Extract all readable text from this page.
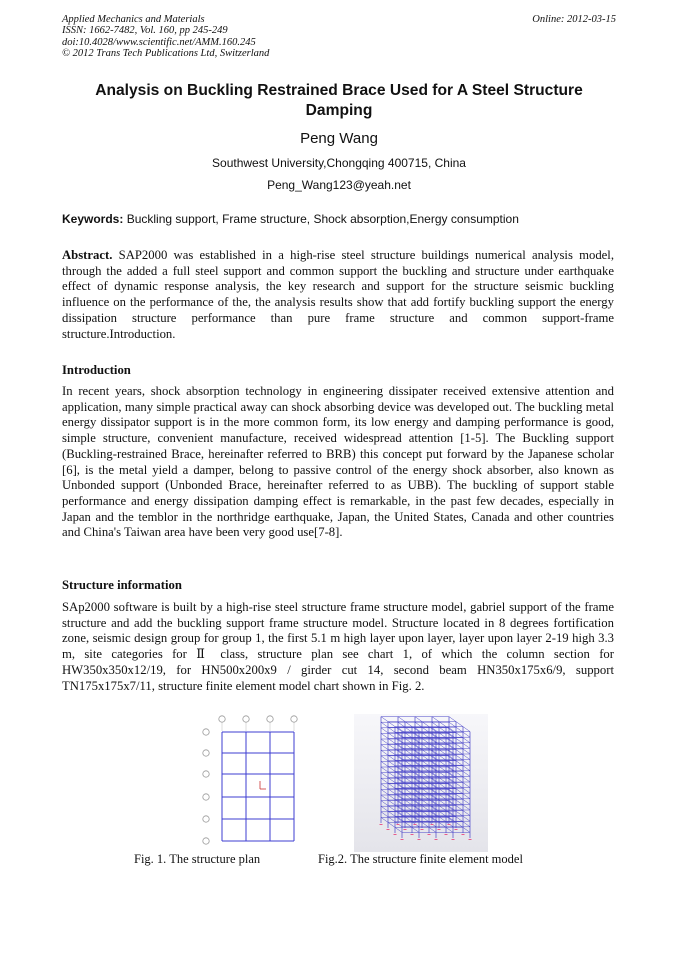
Applied Mechanics and Materials
ISSN: 1662-7482, Vol. 160, pp 245-249
doi:10.4028/www.scientific.net/AMM.160.245
© 2012 Trans Tech Publications Ltd, Switzerland
Online: 2012-03-15
Analysis on Buckling Restrained Brace Used for A Steel Structure
Damping
Peng Wang
Southwest University,Chongqing 400715, China
Peng_Wang123@yeah.net
Keywords: Buckling support, Frame structure, Shock absorption,Energy consumption
Abstract. SAP2000 was established in a high-rise steel structure buildings numerical analysis model, through the added a full steel support and common support the buckling and structure under earthquake effect of dynamic response analysis, the key research and support for the structure seismic buckling influence on the performance of the, the analysis results show that add fortify buckling support the energy dissipation structure performance than pure frame structure and common support-frame structure.Introduction.
Introduction
In recent years, shock absorption technology in engineering dissipater received extensive attention and application, many simple practical away can shock absorbing device was developed out. The buckling metal energy dissipator support is in the more common form, its low energy and damping performance is good, simple structure, convenient manufacture, received widespread attention [1-5]. The Buckling support (Buckling-restrained Brace, hereinafter referred to BRB) this concept put forward by the Japanese scholar [6], is the metal yield a damper, belong to passive control of the energy shock absorber, also known as Unbonded support (Unbonded Brace, hereinafter referred to as UBB). The buckling of support stable performance and energy dissipation damping effect is remarkable, in the past few decades, especially in Japan and the temblor in the northridge earthquake, Japan, the United States, Canada and other countries and China's Taiwan area have been very good use[7-8].
Structure information
SAp2000 software is built by a high-rise steel structure frame structure model, gabriel support of the frame structure and add the buckling support frame structure model. Structure located in 8 degrees fortification zone, seismic design group for group 1, the first 5.1 m high layer upon layer, layer upon layer 2-19 high 3.3 m, site categories for Ⅱ class, structure plan see chart 1, of which the column section for HW350x350x12/19, for HN500x200x9 / girder cut 14, second beam HN350x175x6/9, support TN175x175x7/11, structure finite element model chart shown in Fig. 2.
Fig. 1. The structure plan	Fig.2. The structure finite element model
